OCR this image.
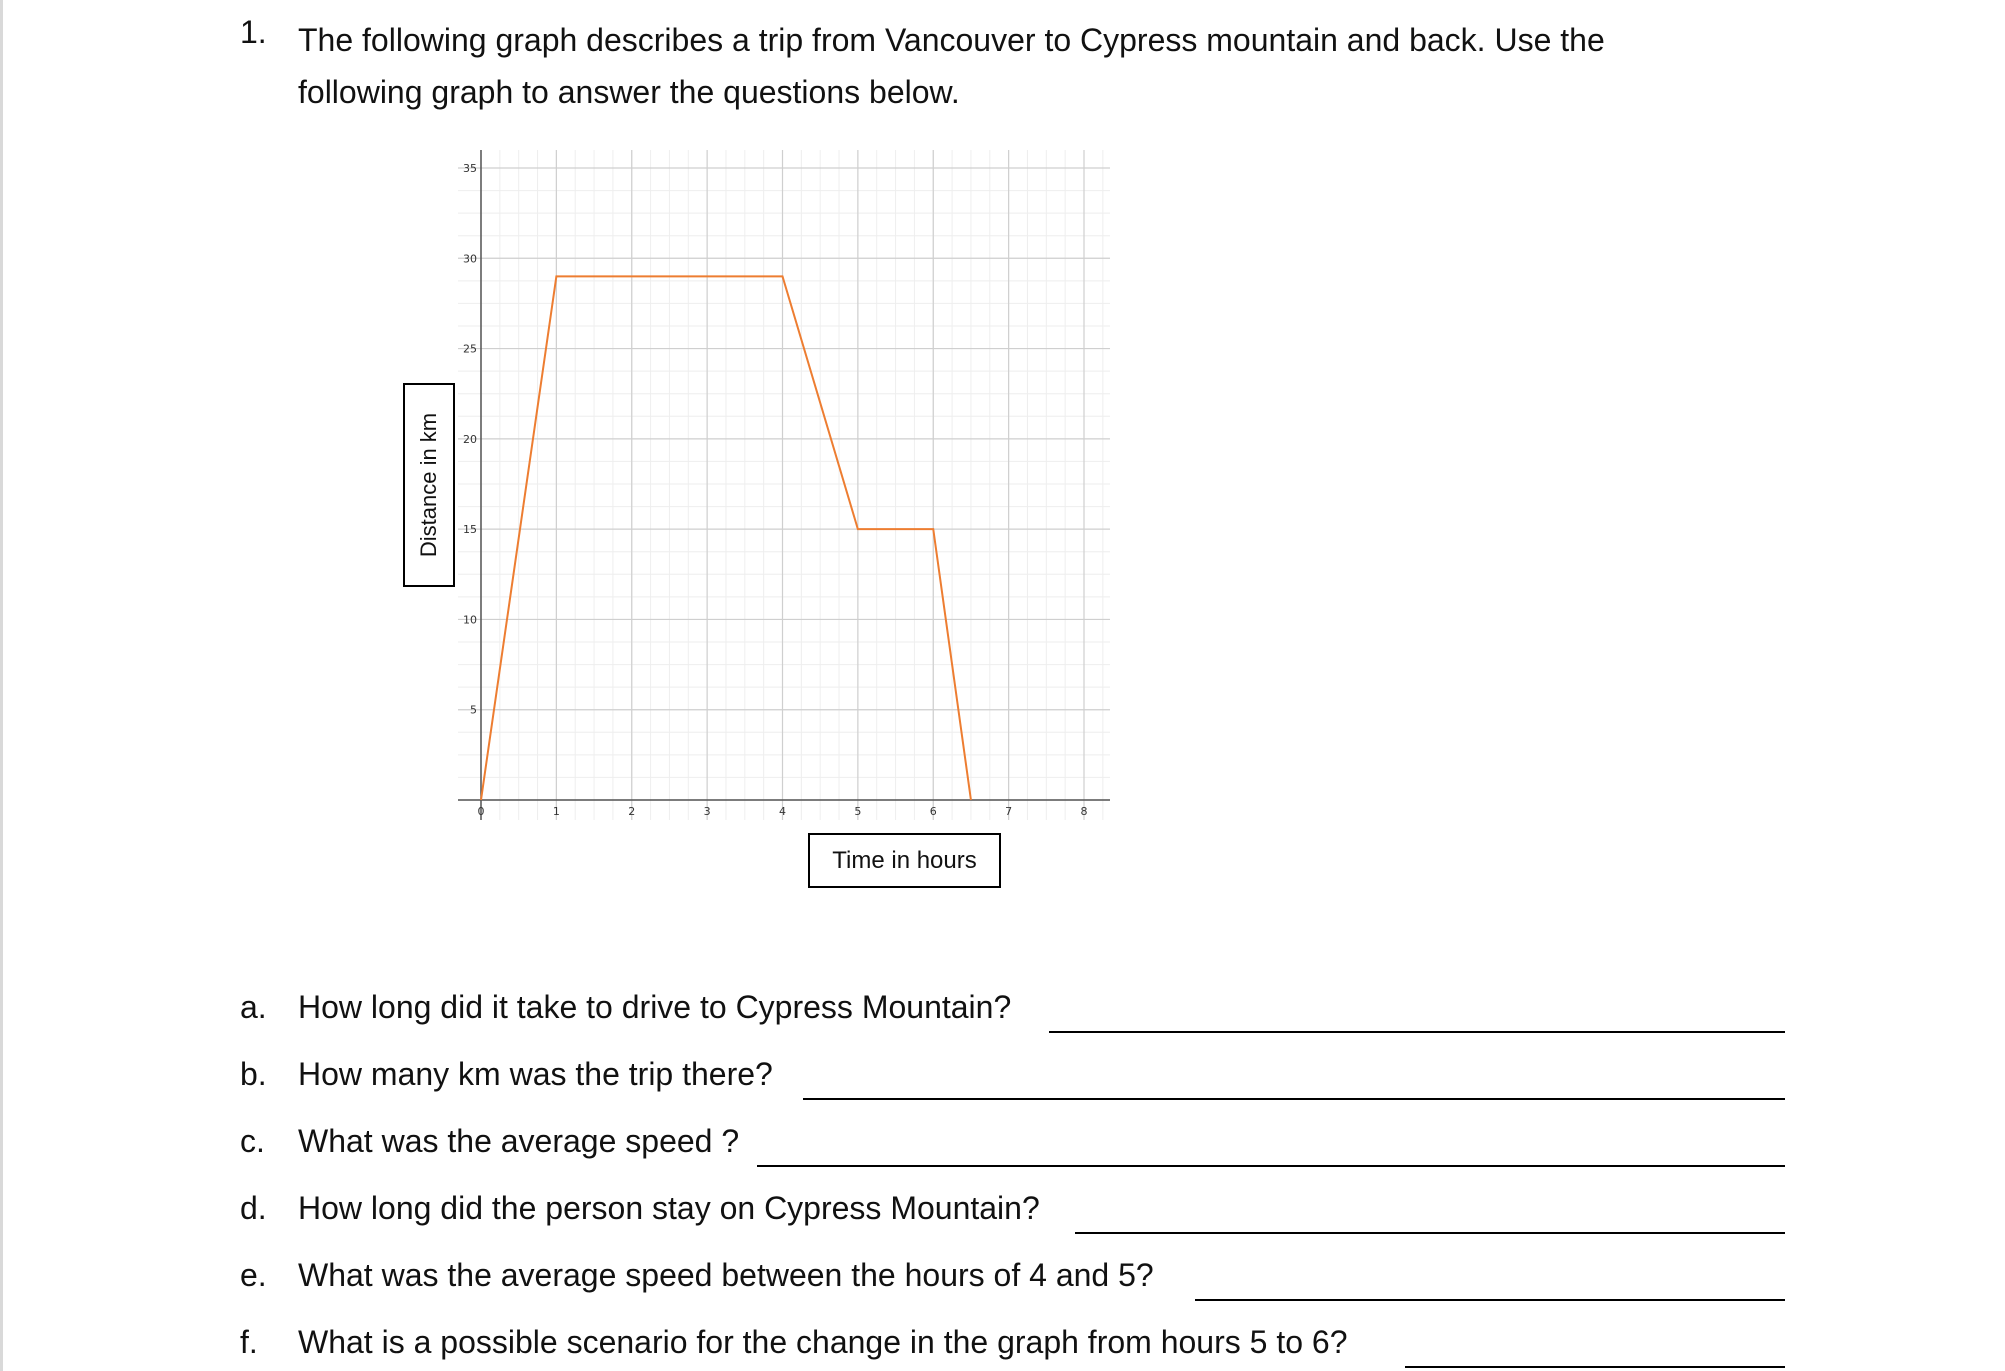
1. The following graph describes a trip from Vancouver to Cypress mountain and back. Use the following graph to answer the questions below.
0	1	2	3	4	5	6	7	8
5
10
15
20
25
30
35
Distance in km
Time in hours
a. How long did it take to drive to Cypress Mountain?
b. How many km was the trip there?
c. What was the average speed ?
d. How long did the person stay on Cypress Mountain?
e. What was the average speed between the hours of 4 and 5?
f. What is a possible scenario for the change in the graph from hours 5 to 6?
